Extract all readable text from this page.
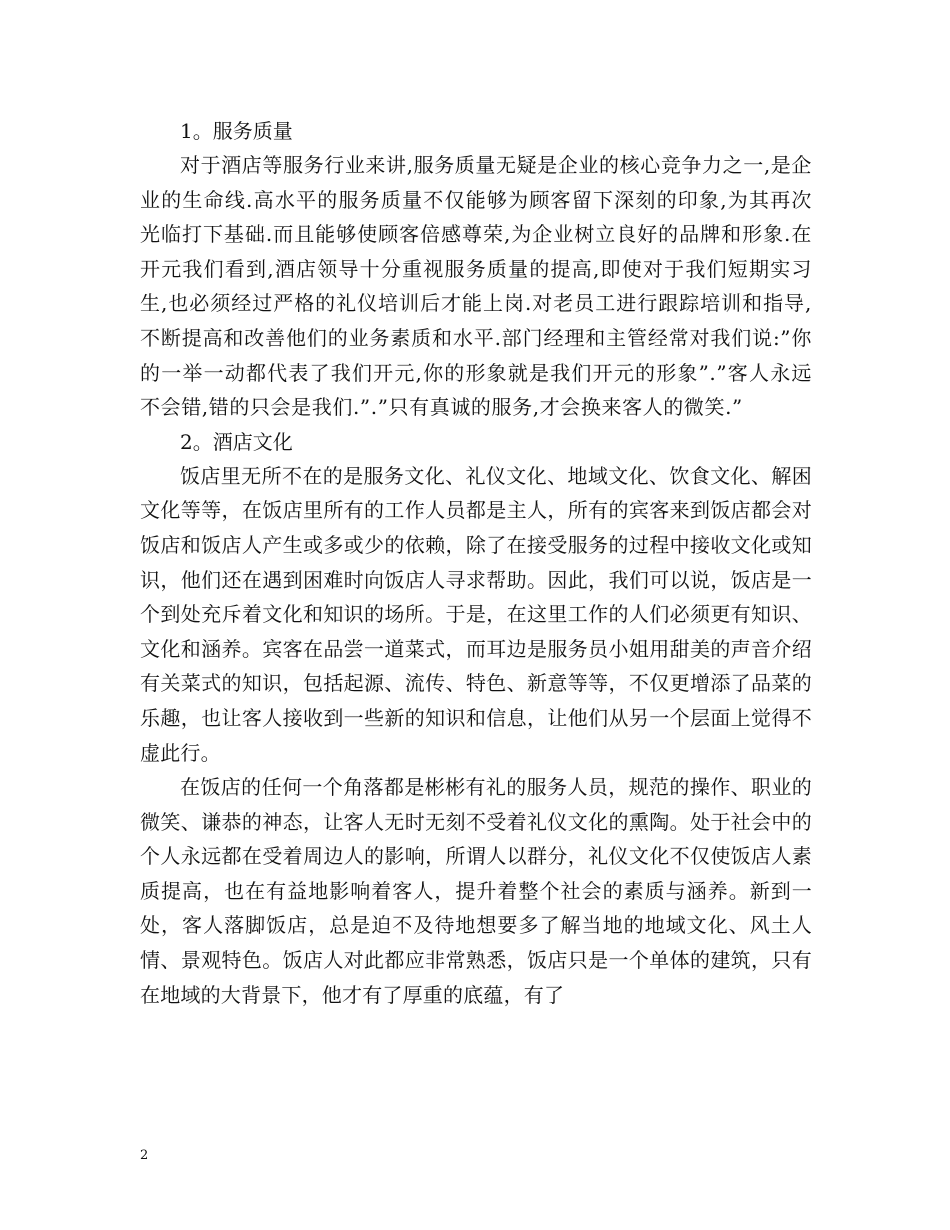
1。服务质量

对于酒店等服务行业来讲,服务质量无疑是企业的核心竞争力之一,是企业的生命线.高水平的服务质量不仅能够为顾客留下深刻的印象,为其再次光临打下基础.而且能够使顾客倍感尊荣,为企业树立良好的品牌和形象.在开元我们看到,酒店领导十分重视服务质量的提高,即使对于我们短期实习生,也必须经过严格的礼仪培训后才能上岗.对老员工进行跟踪培训和指导,不断提高和改善他们的业务素质和水平.部门经理和主管经常对我们说:”你的一举一动都代表了我们开元,你的形象就是我们开元的形象”.”客人永远不会错,错的只会是我们.”.”只有真诚的服务,才会换来客人的微笑.”

2。酒店文化

饭店里无所不在的是服务文化、礼仪文化、地域文化、饮食文化、解困文化等等，在饭店里所有的工作人员都是主人，所有的宾客来到饭店都会对饭店和饭店人产生或多或少的依赖，除了在接受服务的过程中接收文化或知识，他们还在遇到困难时向饭店人寻求帮助。因此，我们可以说，饭店是一个到处充斥着文化和知识的场所。于是，在这里工作的人们必须更有知识、文化和涵养。宾客在品尝一道菜式，而耳边是服务员小姐用甜美的声音介绍有关菜式的知识，包括起源、流传、特色、新意等等，不仅更增添了品菜的乐趣，也让客人接收到一些新的知识和信息，让他们从另一个层面上觉得不虚此行。

在饭店的任何一个角落都是彬彬有礼的服务人员，规范的操作、职业的微笑、谦恭的神态，让客人无时无刻不受着礼仪文化的熏陶。处于社会中的个人永远都在受着周边人的影响，所谓人以群分，礼仪文化不仅使饭店人素质提高，也在有益地影响着客人，提升着整个社会的素质与涵养。新到一处，客人落脚饭店，总是迫不及待地想要多了解当地的地域文化、风土人情、景观特色。饭店人对此都应非常熟悉，饭店只是一个单体的建筑，只有在地域的大背景下，他才有了厚重的底蕴，有了

2
